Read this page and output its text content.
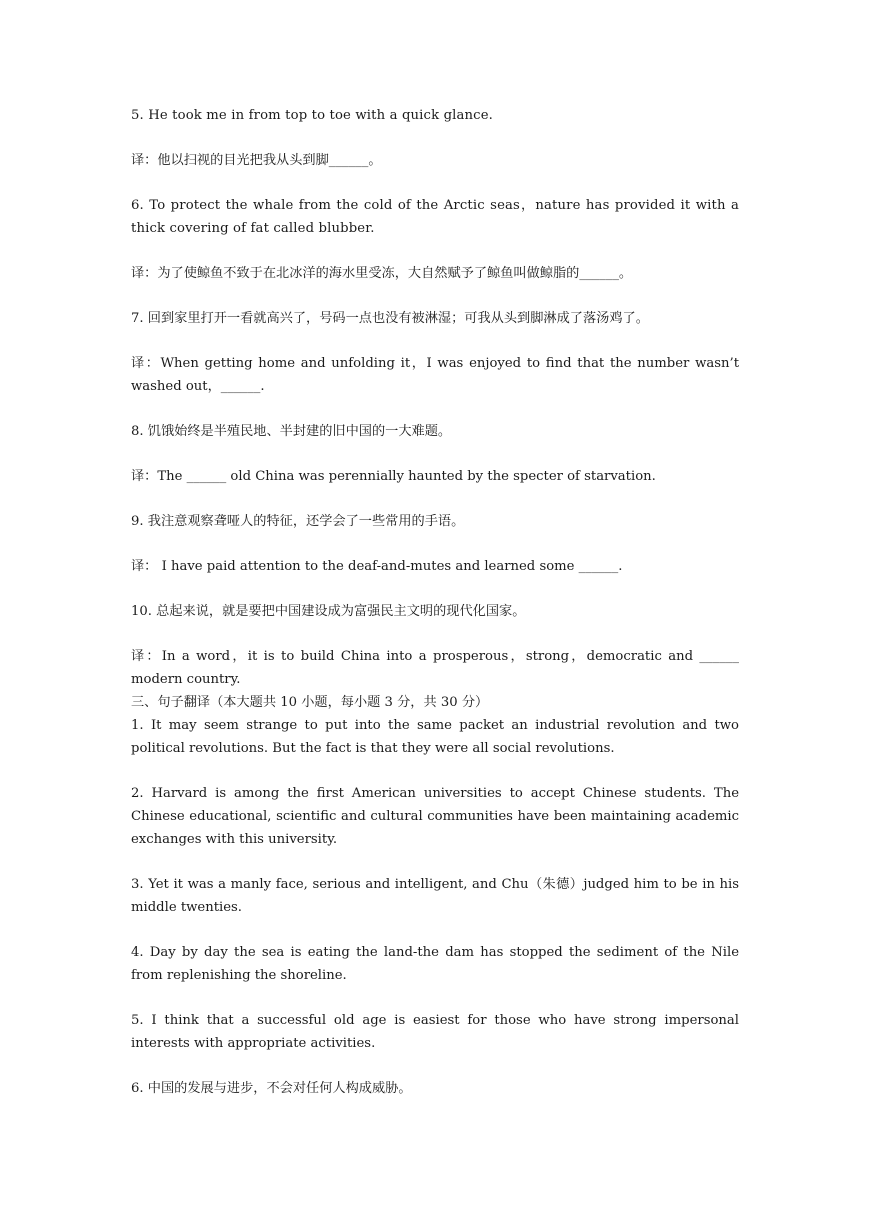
5. He took me in from top to toe with a quick glance.

译：他以扫视的目光把我从头到脚______。

6. To protect the whale from the cold of the Arctic seas，nature has provided it with a thick covering of fat called blubber.

译：为了使鲸鱼不致于在北冰洋的海水里受冻，大自然赋予了鲸鱼叫做鲸脂的______。

7. 回到家里打开一看就高兴了，号码一点也没有被淋湿；可我从头到脚淋成了落汤鸡了。

译：When getting home and unfolding it，I was enjoyed to find that the number wasn’t washed out，______.

8. 饥饿始终是半殖民地、半封建的旧中国的一大难题。

译：The ______ old China was perennially haunted by the specter of starvation.

9. 我注意观察聋哑人的特征，还学会了一些常用的手语。

译： I have paid attention to the deaf-and-mutes and learned some ______.

10. 总起来说，就是要把中国建设成为富强民主文明的现代化国家。

译：In a word，it is to build China into a prosperous，strong，democratic and ______ modern country.

三、句子翻译（本大题共 10 小题，每小题 3 分，共 30 分）

1. It may seem strange to put into the same packet an industrial revolution and two political revolutions. But the fact is that they were all social revolutions.

2. Harvard is among the first American universities to accept Chinese students. The Chinese educational, scientific and cultural communities have been maintaining academic exchanges with this university.

3. Yet it was a manly face, serious and intelligent, and Chu（朱德）judged him to be in his middle twenties.

4. Day by day the sea is eating the land-the dam has stopped the sediment of the Nile from replenishing the shoreline.

5. I think that a successful old age is easiest for those who have strong impersonal interests with appropriate activities.

6. 中国的发展与进步，不会对任何人构成威胁。
